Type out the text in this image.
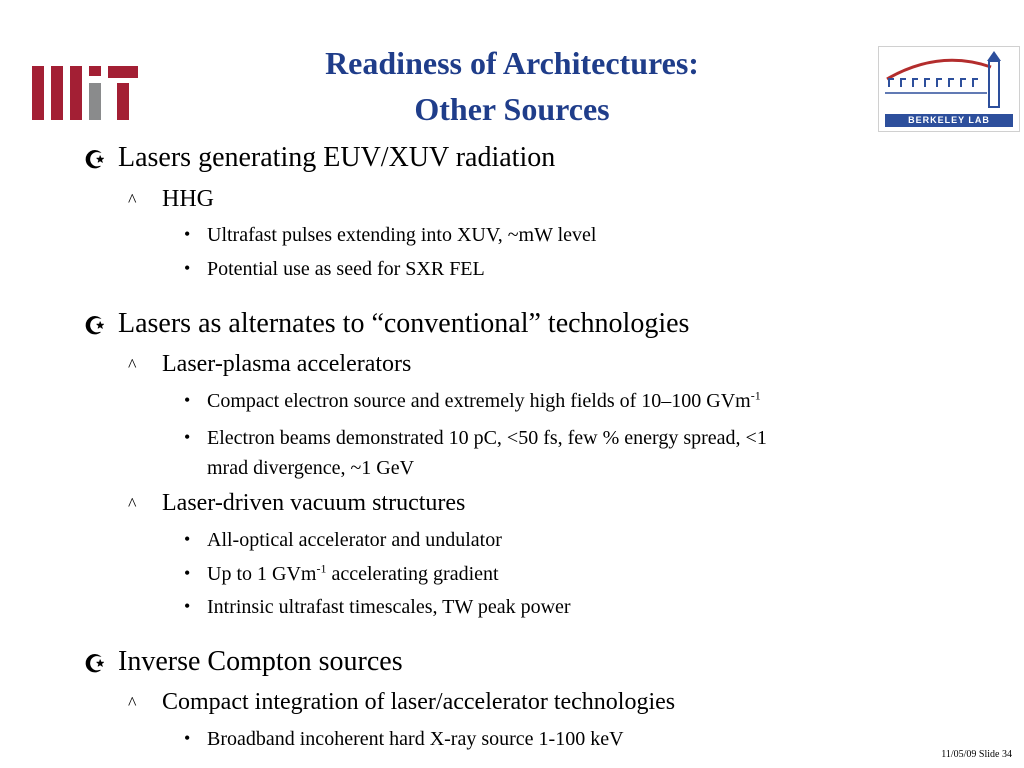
Readiness of Architectures:
Other Sources	BERKELEY LAB
☪ Lasers generating EUV/XUV radiation
^ HHG
• Ultrafast pulses extending into XUV, ~mW level
• Potential use as seed for SXR FEL
☪ Lasers as alternates to “conventional” technologies
^ Laser-plasma accelerators
• Compact electron source and extremely high fields of 10–100 GVm$^{-1}$
• Electron beams demonstrated 10 pC, <50 fs, few % energy spread, <1
mrad divergence, ~1 GeV
^ Laser-driven vacuum structures
• All-optical accelerator and undulator
• Up to 1 GVm$^{-1}$ accelerating gradient
• Intrinsic ultrafast timescales, TW peak power
☪ Inverse Compton sources
^ Compact integration of laser/accelerator technologies
• Broadband incoherent hard X-ray source 1-100 keV
11/05/09 Slide 34
